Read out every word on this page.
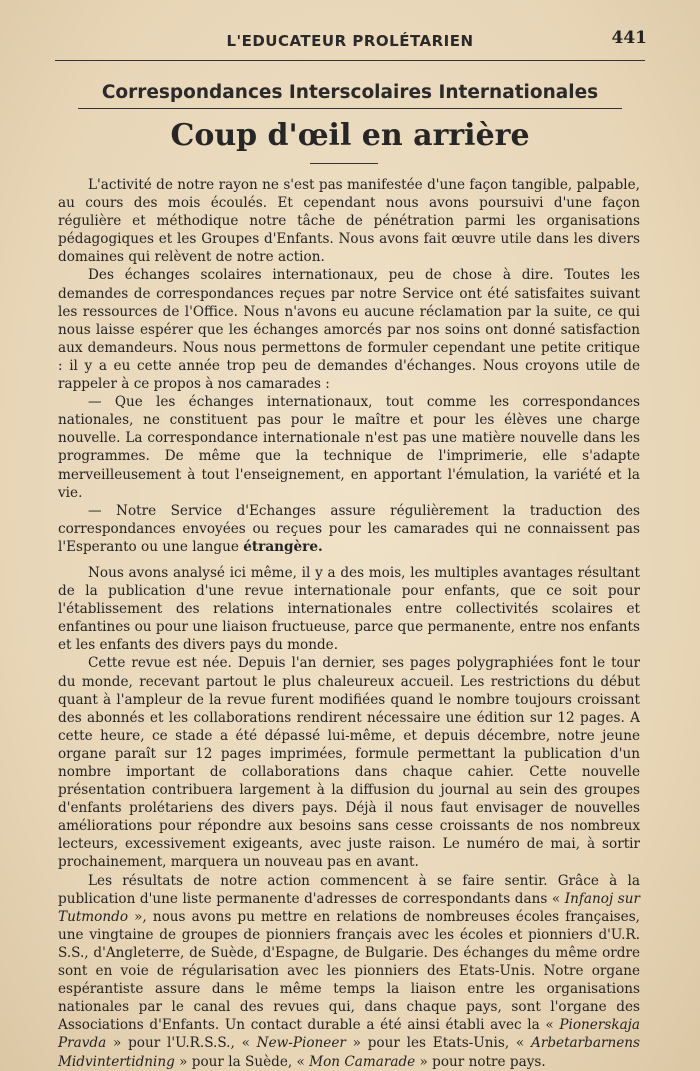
L'EDUCATEUR PROLÉTARIEN	441
Correspondances Interscolaires Internationales
Coup d'œil en arrière

L'activité de notre rayon ne s'est pas manifestée d'une façon tangible, palpable, au cours des mois écoulés. Et cependant nous avons poursuivi d'une façon régulière et méthodique notre tâche de pénétration parmi les organisations pédagogiques et les Groupes d'Enfants. Nous avons fait œuvre utile dans les divers domaines qui relèvent de notre action.

Des échanges scolaires internationaux, peu de chose à dire. Toutes les demandes de correspondances reçues par notre Service ont été satisfaites suivant les ressources de l'Office. Nous n'avons eu aucune réclamation par la suite, ce qui nous laisse espérer que les échanges amorcés par nos soins ont donné satisfaction aux demandeurs. Nous nous permettons de formuler cependant une petite critique : il y a eu cette année trop peu de demandes d'échanges. Nous croyons utile de rappeler à ce propos à nos camarades :

— Que les échanges internationaux, tout comme les correspondances nationales, ne constituent pas pour le maître et pour les élèves une charge nouvelle. La correspondance internationale n'est pas une matière nouvelle dans les programmes. De même que la technique de l'imprimerie, elle s'adapte merveilleusement à tout l'enseignement, en apportant l'émulation, la variété et la vie.

— Notre Service d'Echanges assure régulièrement la traduction des correspondances envoyées ou reçues pour les camarades qui ne connaissent pas l'Esperanto ou une langue étrangère.

Nous avons analysé ici même, il y a des mois, les multiples avantages résultant de la publication d'une revue internationale pour enfants, que ce soit pour l'établissement des relations internationales entre collectivités scolaires et enfantines ou pour une liaison fructueuse, parce que permanente, entre nos enfants et les enfants des divers pays du monde.

Cette revue est née. Depuis l'an dernier, ses pages polygraphiées font le tour du monde, recevant partout le plus chaleureux accueil. Les restrictions du début quant à l'ampleur de la revue furent modifiées quand le nombre toujours croissant des abonnés et les collaborations rendirent nécessaire une édition sur 12 pages. A cette heure, ce stade a été dépassé lui-même, et depuis décembre, notre jeune organe paraît sur 12 pages imprimées, formule permettant la publication d'un nombre important de collaborations dans chaque cahier. Cette nouvelle présentation contribuera largement à la diffusion du journal au sein des groupes d'enfants prolétariens des divers pays. Déjà il nous faut envisager de nouvelles améliorations pour répondre aux besoins sans cesse croissants de nos nombreux lecteurs, excessivement exigeants, avec juste raison. Le numéro de mai, à sortir prochainement, marquera un nouveau pas en avant.

Les résultats de notre action commencent à se faire sentir. Grâce à la publication d'une liste permanente d'adresses de correspondants dans « Infanoj sur Tutmondo », nous avons pu mettre en relations de nombreuses écoles françaises, une vingtaine de groupes de pionniers français avec les écoles et pionniers d'U.R. S.S., d'Angleterre, de Suède, d'Espagne, de Bulgarie. Des échanges du même ordre sont en voie de régularisation avec les pionniers des Etats-Unis. Notre organe espérantiste assure dans le même temps la liaison entre les organisations nationales par le canal des revues qui, dans chaque pays, sont l'organe des Associations d'Enfants. Un contact durable a été ainsi établi avec la « Pionerskaja Pravda » pour l'U.R.S.S., « New-Pioneer » pour les Etats-Unis, « Arbetarbarnens Midvintertidning » pour la Suède, « Mon Camarade » pour notre pays.
